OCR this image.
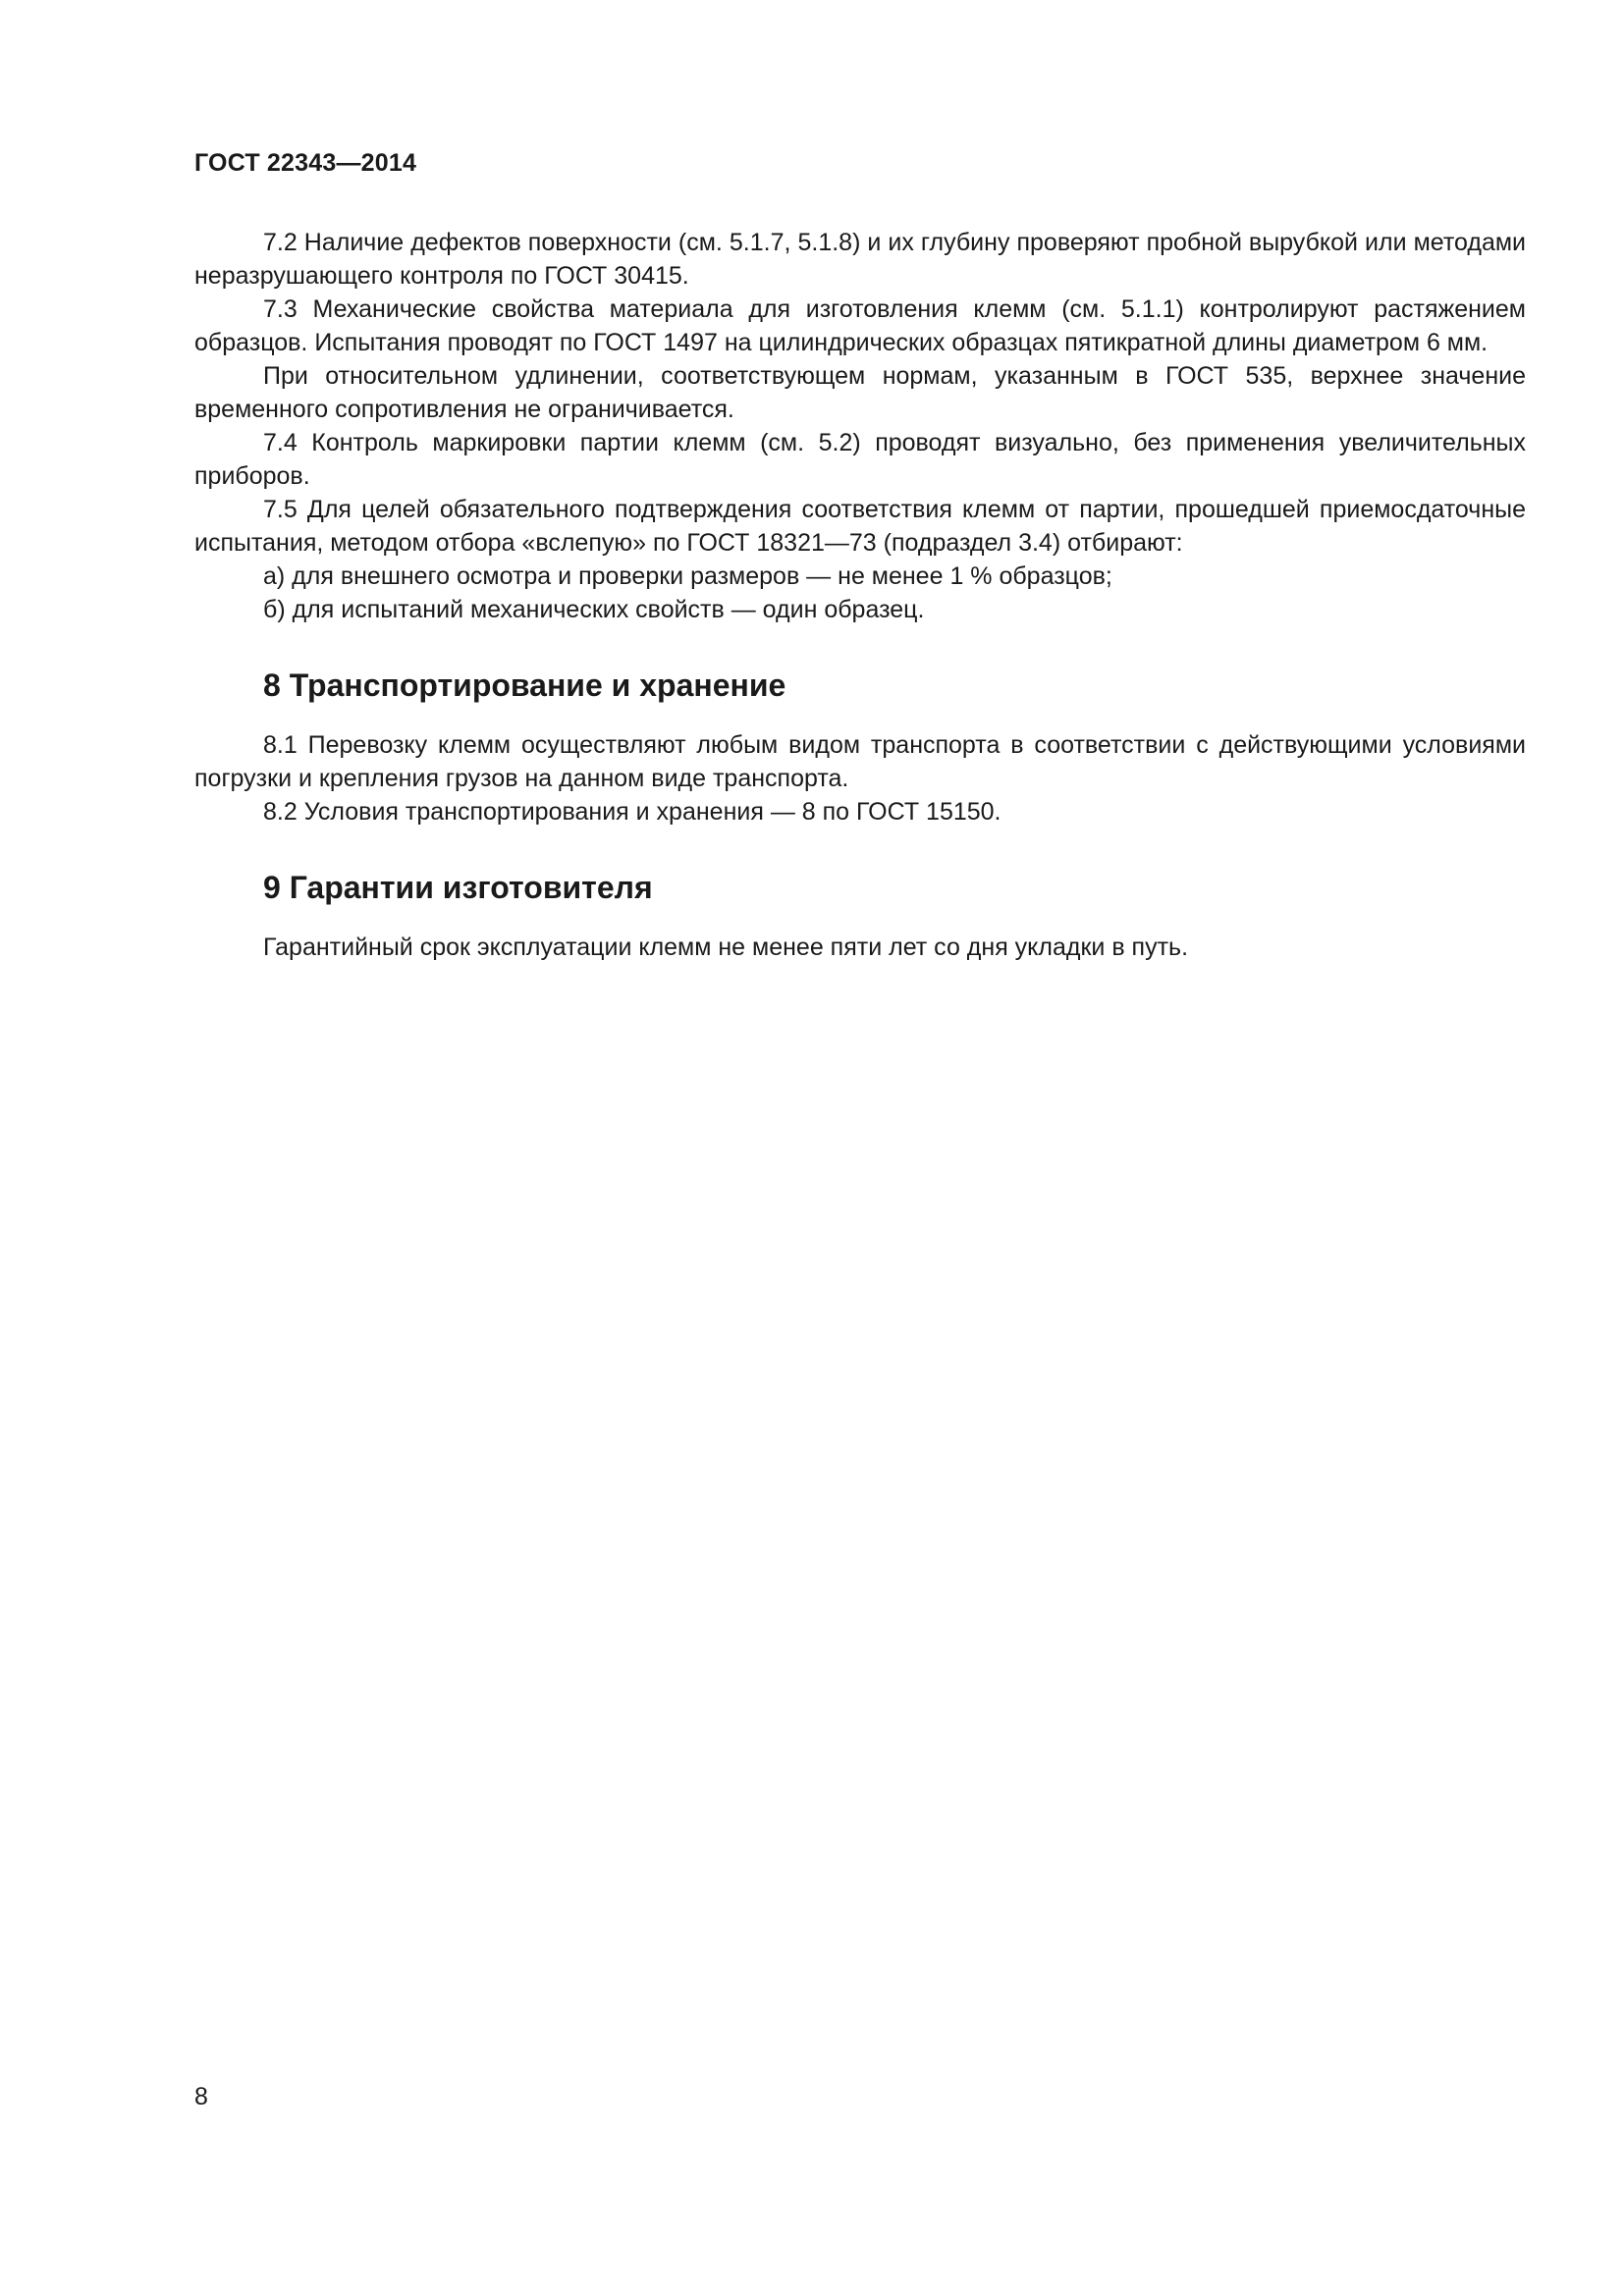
ГОСТ 22343—2014

7.2 Наличие дефектов поверхности (см. 5.1.7, 5.1.8) и их глубину проверяют пробной вырубкой или методами неразрушающего контроля по ГОСТ 30415.

7.3 Механические свойства материала для изготовления клемм (см. 5.1.1) контролируют растяжением образцов. Испытания проводят по ГОСТ 1497 на цилиндрических образцах пятикратной длины диаметром 6 мм.

При относительном удлинении, соответствующем нормам, указанным в ГОСТ 535, верхнее значение временного сопротивления не ограничивается.

7.4 Контроль маркировки партии клемм (см. 5.2) проводят визуально, без применения увеличительных приборов.

7.5 Для целей обязательного подтверждения соответствия клемм от партии, прошедшей приемосдаточные испытания, методом отбора «вслепую» по ГОСТ 18321—73 (подраздел 3.4) отбирают:

а) для внешнего осмотра и проверки размеров — не менее 1 % образцов;

б) для испытаний механических свойств — один образец.

8 Транспортирование и хранение

8.1 Перевозку клемм осуществляют любым видом транспорта в соответствии с действующими условиями погрузки и крепления грузов на данном виде транспорта.

8.2 Условия транспортирования и хранения — 8 по ГОСТ 15150.

9 Гарантии изготовителя

Гарантийный срок эксплуатации клемм не менее пяти лет со дня укладки в путь.

8
